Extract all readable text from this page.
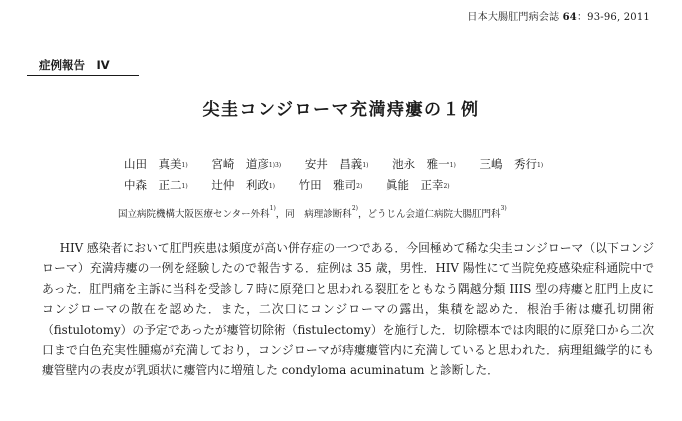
日本大腸肛門病会誌 64：93-96, 2011
症例報告　IV
尖圭コンジローマ充満痔瘻の１例
山田　真美$^{1)}$ 宮崎　道彦$^{1)3)}$ 安井　昌義$^{1)}$ 池永　雅一$^{1)}$ 三嶋　秀行$^{1)}$
中森　正二$^{1)}$ 辻仲　利政$^{1)}$ 竹田　雅司$^{2)}$ 眞能　正幸$^{2)}$
国立病院機構大阪医療センター外科$^{1)}$，同　病理診断科$^{2)}$，どうじん会道仁病院大腸肛門科$^{3)}$

HIV 感染者において肛門疾患は頻度が高い併存症の一つである．今回極めて稀な尖圭コンジローマ（以下コンジローマ）充満痔瘻の一例を経験したので報告する．症例は 35 歳，男性．HIV 陽性にて当院免疫感染症科通院中であった．肛門痛を主訴に当科を受診し７時に原発口と思われる裂肛をともなう隅越分類 IIIS 型の痔瘻と肛門上皮にコンジローマの散在を認めた．また，二次口にコンジローマの露出，集積を認めた．根治手術は瘻孔切開術（fistulotomy）の予定であったが瘻管切除術（fistulectomy）を施行した．切除標本では肉眼的に原発口から二次口まで白色充実性腫瘍が充満しており，コンジローマが痔瘻瘻管内に充満していると思われた．病理組織学的にも瘻管壁内の表皮が乳頭状に瘻管内に増殖した condyloma acuminatum と診断した．
